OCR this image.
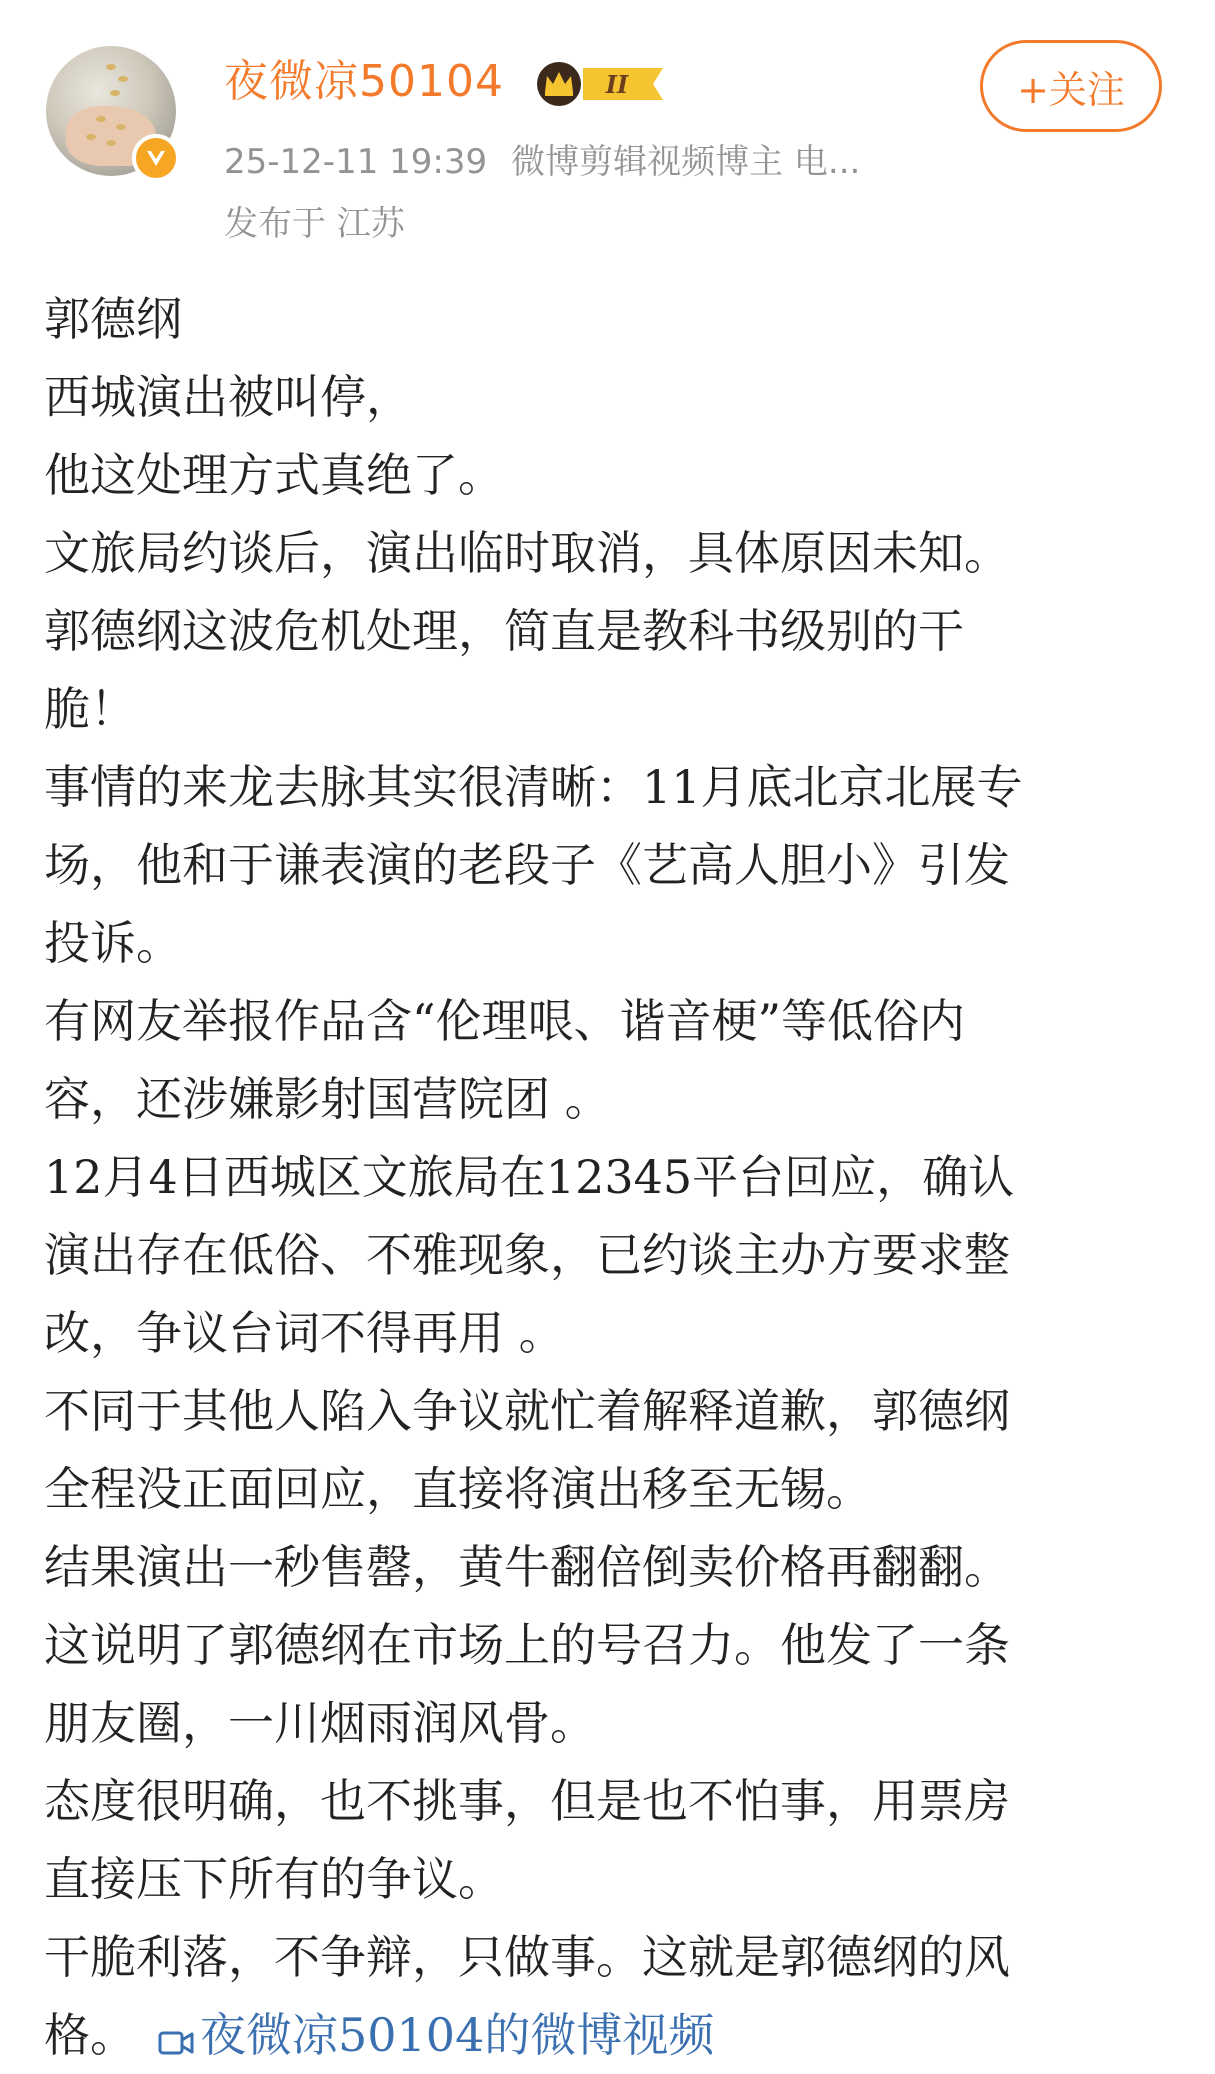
夜微凉50104	II
25-12-11 19:39 微博剪辑视频博主 电...
发布于 江苏
+关注

郭德纲

西城演出被叫停，

他这处理方式真绝了。

文旅局约谈后，演出临时取消，具体原因未知。

郭德纲这波危机处理，简直是教科书级别的干

脆！

事情的来龙去脉其实很清晰：11月底北京北展专

场，他和于谦表演的老段子《艺高人胆小》引发

投诉。

有网友举报作品含“伦理哏、谐音梗”等低俗内

容，还涉嫌影射国营院团 。

12月4日西城区文旅局在12345平台回应，确认

演出存在低俗、不雅现象，已约谈主办方要求整

改，争议台词不得再用 。

不同于其他人陷入争议就忙着解释道歉，郭德纲

全程没正面回应，直接将演出移至无锡。

结果演出一秒售罄，黄牛翻倍倒卖价格再翻翻。

这说明了郭德纲在市场上的号召力。他发了一条

朋友圈，一川烟雨润风骨。

态度很明确，也不挑事，但是也不怕事，用票房

直接压下所有的争议。

干脆利落，不争辩，只做事。这就是郭德纲的风

格。 夜微凉50104的微博视频
